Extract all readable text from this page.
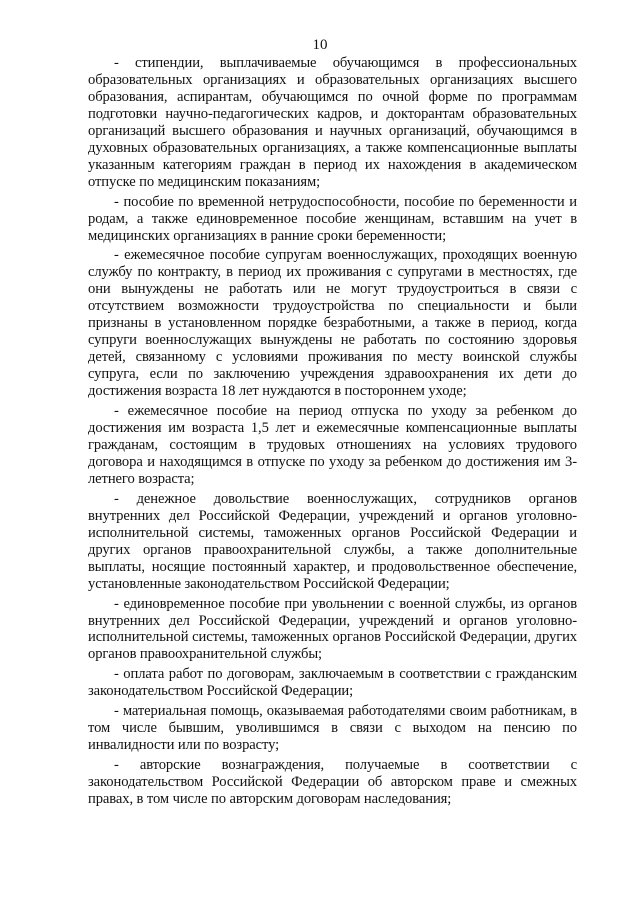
10

- стипендии, выплачиваемые обучающимся в профессиональных образовательных организациях и образовательных организациях высшего образования, аспирантам, обучающимся по очной форме по программам подготовки научно-педагогических кадров, и докторантам образовательных организаций высшего образования и научных организаций, обучающимся в духовных образовательных организациях, а также компенсационные выплаты указанным категориям граждан в период их нахождения в академическом отпуске по медицинским показаниям;

- пособие по временной нетрудоспособности, пособие по беременности и родам, а также единовременное пособие женщинам, вставшим на учет в медицинских организациях в ранние сроки беременности;

- ежемесячное пособие супругам военнослужащих, проходящих военную службу по контракту, в период их проживания с супругами в местностях, где они вынуждены не работать или не могут трудоустроиться в связи с отсутствием возможности трудоустройства по специальности и были признаны в установленном порядке безработными, а также в период, когда супруги военнослужащих вынуждены не работать по состоянию здоровья детей, связанному с условиями проживания по месту воинской службы супруга, если по заключению учреждения здравоохранения их дети до достижения возраста 18 лет нуждаются в постороннем уходе;

- ежемесячное пособие на период отпуска по уходу за ребенком до достижения им возраста 1,5 лет и ежемесячные компенсационные выплаты гражданам, состоящим в трудовых отношениях на условиях трудового договора и находящимся в отпуске по уходу за ребенком до достижения им 3-летнего возраста;

- денежное довольствие военнослужащих, сотрудников органов внутренних дел Российской Федерации, учреждений и органов уголовно-исполнительной системы, таможенных органов Российской Федерации и других органов правоохранительной службы, а также дополнительные выплаты, носящие постоянный характер, и продовольственное обеспечение, установленные законодательством Российской Федерации;

- единовременное пособие при увольнении с военной службы, из органов внутренних дел Российской Федерации, учреждений и органов уголовно-исполнительной системы, таможенных органов Российской Федерации, других органов правоохранительной службы;

- оплата работ по договорам, заключаемым в соответствии с гражданским законодательством Российской Федерации;

- материальная помощь, оказываемая работодателями своим работникам, в том числе бывшим, уволившимся в связи с выходом на пенсию по инвалидности или по возрасту;

- авторские вознаграждения, получаемые в соответствии с законодательством Российской Федерации об авторском праве и смежных правах, в том числе по авторским договорам наследования;
